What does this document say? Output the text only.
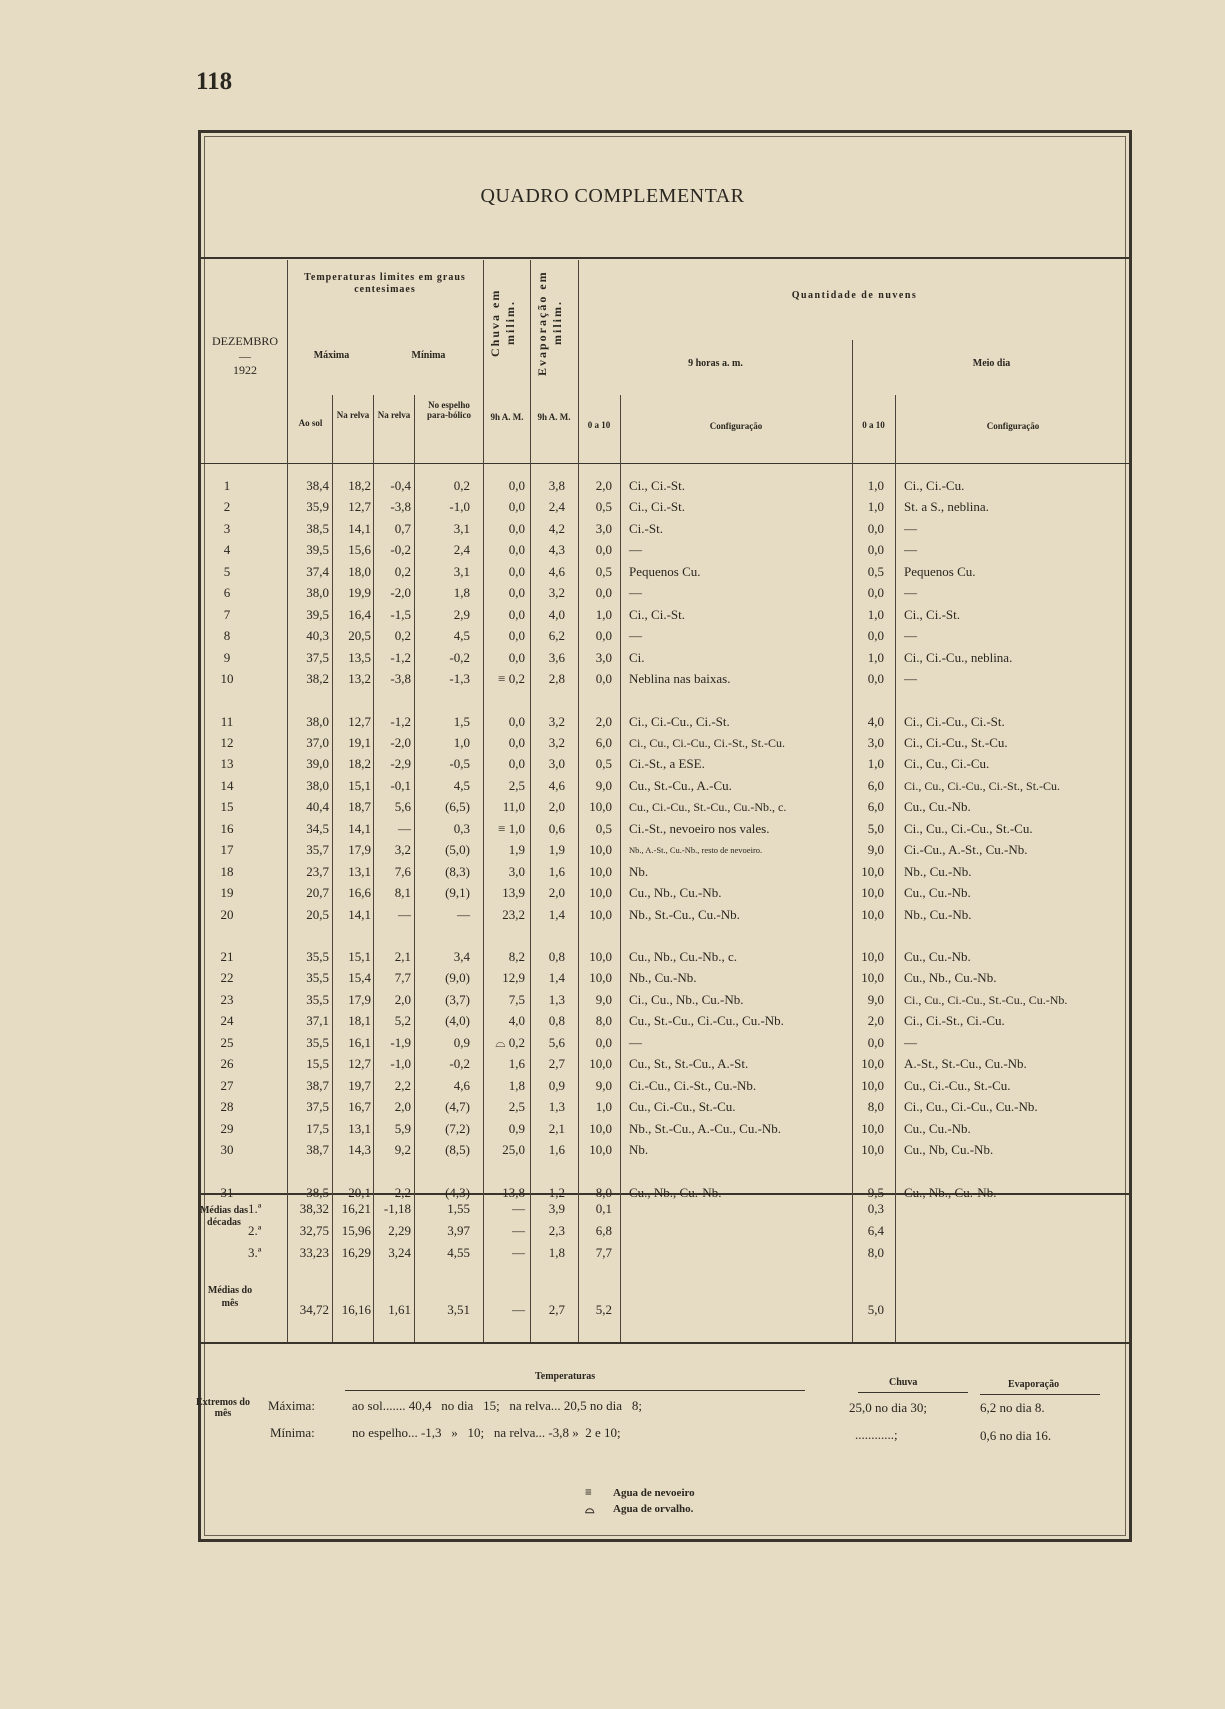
118
QUADRO COMPLEMENTAR
DEZEMBRO
—
1922
Temperaturas limites em graus centesimaes
Máxima	Mínima	Chuva em milim.	Evaporação em milim.
Quantidade de nuvens
9 horas a. m.	Meio dia
Ao sol
Na relva Na relva
No espelho para-bólico	9h A. M. 9h A. M.
0 a 10	Configuração	0 a 10	Configuração
1	38,4	18,2	-0,4	0,2	0,0	3,8	2,0 Ci., Ci.-St.	1,0 Ci., Ci.-Cu.
2	35,9	12,7	-3,8	-1,0	0,0	2,4	0,5 Ci., Ci.-St.	1,0 St. a S., neblina.
3	38,5	14,1	0,7	3,1	0,0	4,2	3,0 Ci.-St.	0,0 —
4	39,5	15,6	-0,2	2,4	0,0	4,3	0,0 —	0,0 —
5	37,4	18,0	0,2	3,1	0,0	4,6	0,5 Pequenos Cu.	0,5 Pequenos Cu.
6	38,0	19,9	-2,0	1,8	0,0	3,2	0,0 —	0,0 —
7	39,5	16,4	-1,5	2,9	0,0	4,0	1,0 Ci., Ci.-St.	1,0 Ci., Ci.-St.
8	40,3	20,5	0,2	4,5	0,0	6,2	0,0 —	0,0 —
9	37,5	13,5	-1,2	-0,2	0,0	3,6	3,0 Ci.	1,0 Ci., Ci.-Cu., neblina.
10	38,2	13,2	-3,8	-1,3	≡ 0,2	2,8	0,0 Neblina nas baixas.	0,0 —
11	38,0	12,7	-1,2	1,5	0,0	3,2	2,0 Ci., Ci.-Cu., Ci.-St.	4,0 Ci., Ci.-Cu., Ci.-St.
12	37,0	19,1	-2,0	1,0	0,0	3,2	6,0 Ci., Cu., Ci.-Cu., Ci.-St., St.-Cu.	3,0 Ci., Ci.-Cu., St.-Cu.
13	39,0	18,2	-2,9	-0,5	0,0	3,0	0,5 Ci.-St., a ESE.	1,0 Ci., Cu., Ci.-Cu.
14	38,0	15,1	-0,1	4,5	2,5	4,6	9,0 Cu., St.-Cu., A.-Cu.	6,0 Ci., Cu., Ci.-Cu., Ci.-St., St.-Cu.
15	40,4	18,7	5,6	(6,5)	11,0	2,0	10,0 Cu., Ci.-Cu., St.-Cu., Cu.-Nb., c.	6,0 Cu., Cu.-Nb.
16	34,5	14,1	—	0,3	≡ 1,0	0,6	0,5 Ci.-St., nevoeiro nos vales.	5,0 Ci., Cu., Ci.-Cu., St.-Cu.
17	35,7	17,9	3,2	(5,0)	1,9	1,9	10,0 Nb., A.-St., Cu.-Nb., resto de nevoeiro.	9,0 Ci.-Cu., A.-St., Cu.-Nb.
18	23,7	13,1	7,6	(8,3)	3,0	1,6	10,0 Nb.	10,0 Nb., Cu.-Nb.
19	20,7	16,6	8,1	(9,1)	13,9	2,0	10,0 Cu., Nb., Cu.-Nb.	10,0 Cu., Cu.-Nb.
20	20,5	14,1	—	—	23,2	1,4	10,0 Nb., St.-Cu., Cu.-Nb.	10,0 Nb., Cu.-Nb.
21	35,5	15,1	2,1	3,4	8,2	0,8	10,0 Cu., Nb., Cu.-Nb., c.	10,0 Cu., Cu.-Nb.
22	35,5	15,4	7,7	(9,0)	12,9	1,4	10,0 Nb., Cu.-Nb.	10,0 Cu., Nb., Cu.-Nb.
23	35,5	17,9	2,0	(3,7)	7,5	1,3	9,0 Ci., Cu., Nb., Cu.-Nb.	9,0 Ci., Cu., Ci.-Cu., St.-Cu., Cu.-Nb.
24	37,1	18,1	5,2	(4,0)	4,0	0,8	8,0 Cu., St.-Cu., Ci.-Cu., Cu.-Nb.	2,0 Ci., Ci.-St., Ci.-Cu.
25	35,5	16,1	-1,9	0,9	⌓ 0,2	5,6	0,0 —	0,0 —
26	15,5	12,7	-1,0	-0,2	1,6	2,7	10,0 Cu., St., St.-Cu., A.-St.	10,0 A.-St., St.-Cu., Cu.-Nb.
27	38,7	19,7	2,2	4,6	1,8	0,9	9,0 Ci.-Cu., Ci.-St., Cu.-Nb.	10,0 Cu., Ci.-Cu., St.-Cu.
28	37,5	16,7	2,0	(4,7)	2,5	1,3	1,0 Cu., Ci.-Cu., St.-Cu.	8,0 Ci., Cu., Ci.-Cu., Cu.-Nb.
29	17,5	13,1	5,9	(7,2)	0,9	2,1	10,0 Nb., St.-Cu., A.-Cu., Cu.-Nb.	10,0 Cu., Cu.-Nb.
30	38,7	14,3	9,2	(8,5)	25,0	1,6	10,0 Nb.	10,0 Cu., Nb, Cu.-Nb.
31	38,5	20,1	2,2	(4,3)	13,8	1,2	8,0 Cu., Nb., Cu.-Nb.	9,5 Cu., Nb., Cu.-Nb.
Médias das décadas
1.ª	38,32 16,21 -1,18	1,55	—	3,9	0,1	0,3
2.ª	32,75 15,96	2,29	3,97	—	2,3	6,8	6,4
3.ª	33,23 16,29	3,24	4,55	—	1,8	7,7	8,0
Médias do mês	34,72 16,16	1,61	3,51	—	2,7	5,2	5,0
Temperaturas
Chuva	Evaporação
Extremos do mês
Máxima:	ao sol....... 40,4   no dia   15;   na relva... 20,5 no dia   8;
Mínima:	no espelho... -1,3   »   10;   na relva... -3,8 »  2 e 10;
25,0 no dia 30;
............;
6,2 no dia 8.
0,6 no dia 16.
≡ Agua de nevoeiro
⌓ Agua de orvalho.
